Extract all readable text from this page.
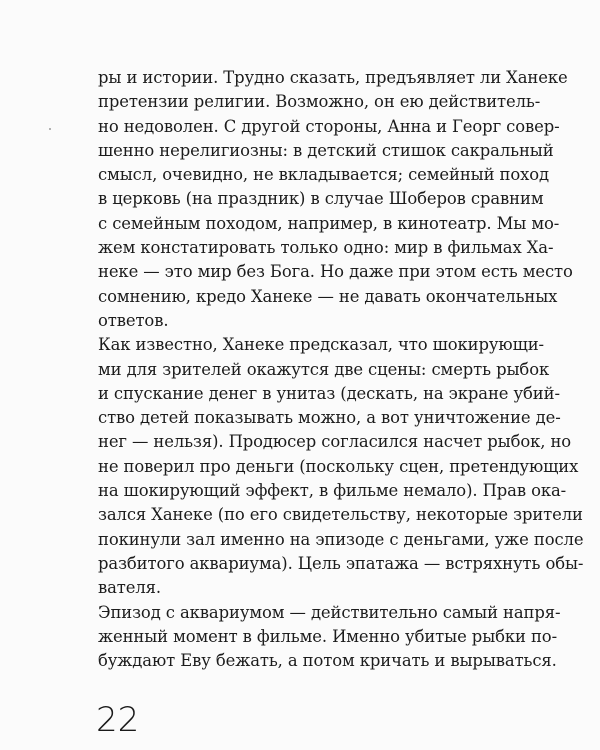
ры и истории. Трудно сказать, предъявляет ли Ханеке
претензии религии. Возможно, он ею действитель-
но недоволен. С другой стороны, Анна и Георг совер-
шенно нерелигиозны: в детский стишок сакральный
смысл, очевидно, не вкладывается; семейный поход
в церковь (на праздник) в случае Шоберов сравним
с семейным походом, например, в кинотеатр. Мы мо-
жем констатировать только одно: мир в фильмах Ха-
неке — это мир без Бога. Но даже при этом есть место
сомнению, кредо Ханеке — не давать окончательных
ответов.
Как известно, Ханеке предсказал, что шокирующи-
ми для зрителей окажутся две сцены: смерть рыбок
и спускание денег в унитаз (дескать, на экране убий-
ство детей показывать можно, а вот уничтожение де-
нег — нельзя). Продюсер согласился насчет рыбок, но
не поверил про деньги (поскольку сцен, претендующих
на шокирующий эффект, в фильме немало). Прав ока-
зался Ханеке (по его свидетельству, некоторые зрители
покинули зал именно на эпизоде с деньгами, уже после
разбитого аквариума). Цель эпатажа — встряхнуть обы-
вателя.
Эпизод с аквариумом — действительно самый напря-
женный момент в фильме. Именно убитые рыбки по-
буждают Еву бежать, а потом кричать и вырываться.
22
